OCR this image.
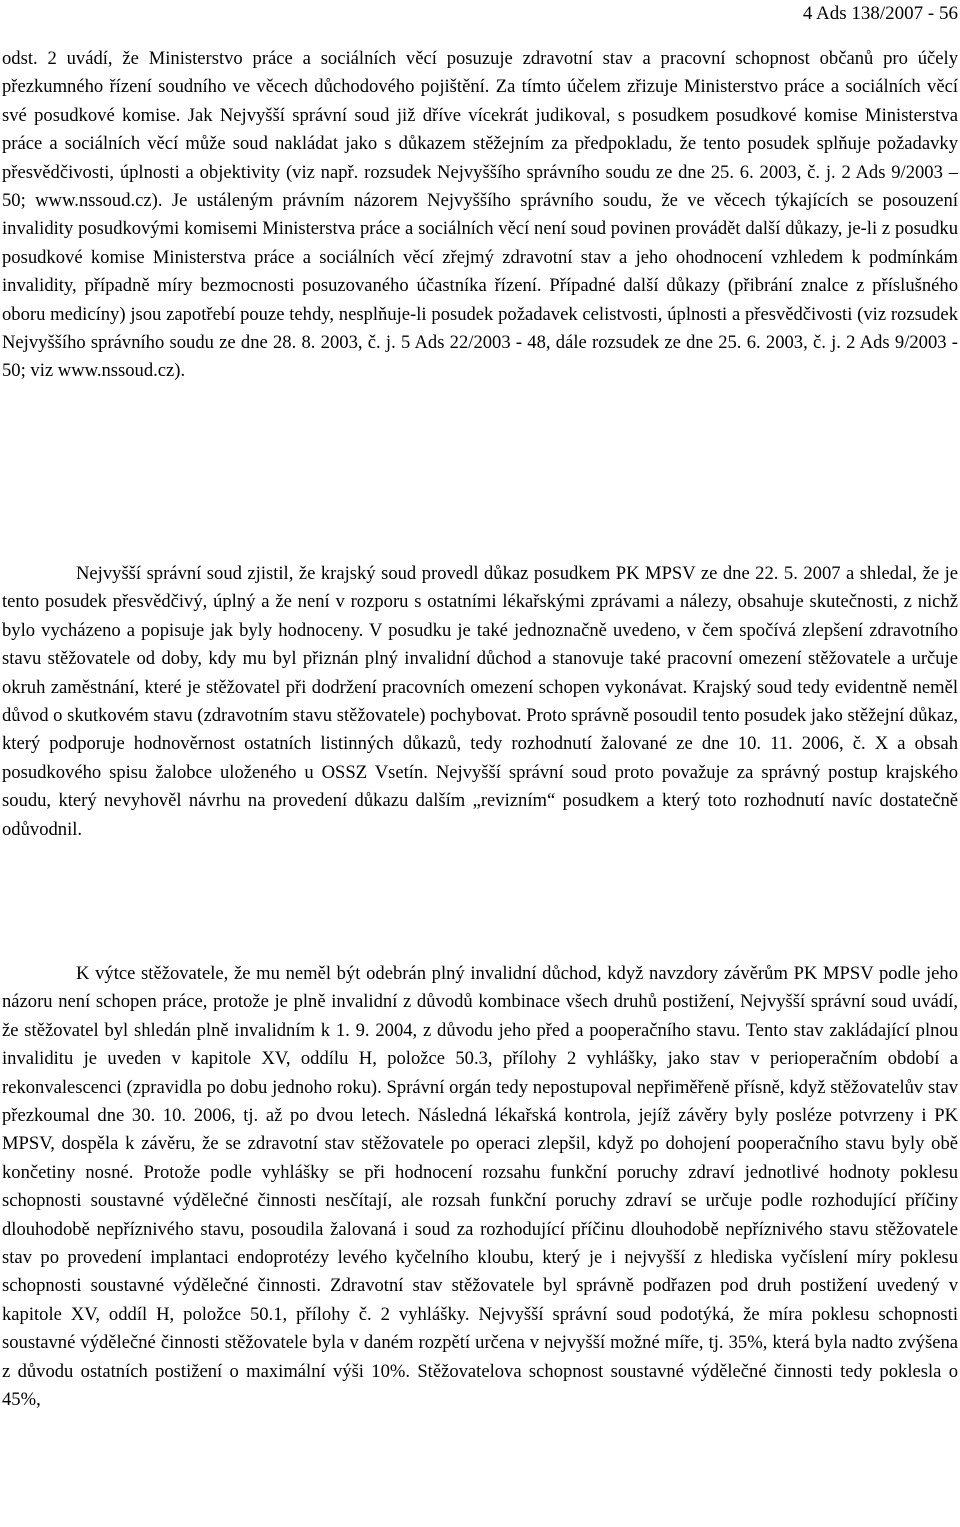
4 Ads 138/2007 - 56

odst. 2 uvádí, že Ministerstvo práce a sociálních věcí posuzuje zdravotní stav a pracovní schopnost občanů pro účely přezkumného řízení soudního ve věcech důchodového pojištění. Za tímto účelem zřizuje Ministerstvo práce a sociálních věcí své posudkové komise. Jak Nejvyšší správní soud již dříve vícekrát judikoval, s posudkem posudkové komise Ministerstva práce a sociálních věcí může soud nakládat jako s důkazem stěžejním za předpokladu, že tento posudek splňuje požadavky přesvědčivosti, úplnosti a objektivity (viz např. rozsudek Nejvyššího správního soudu ze dne 25. 6. 2003, č. j. 2 Ads 9/2003 – 50; www.nssoud.cz). Je ustáleným právním názorem Nejvyššího správního soudu, že ve věcech týkajících se posouzení invalidity posudkovými komisemi Ministerstva práce a sociálních věcí není soud povinen provádět další důkazy, je-li z posudku posudkové komise Ministerstva práce a sociálních věcí zřejmý zdravotní stav a jeho ohodnocení vzhledem k podmínkám invalidity, případně míry bezmocnosti posuzovaného účastníka řízení. Případné další důkazy (přibrání znalce z příslušného oboru medicíny) jsou zapotřebí pouze tehdy, nesplňuje-li posudek požadavek celistvosti, úplnosti a přesvědčivosti (viz rozsudek Nejvyššího správního soudu ze dne 28. 8. 2003, č. j. 5 Ads 22/2003 - 48, dále rozsudek ze dne 25. 6. 2003, č. j. 2 Ads 9/2003 - 50; viz www.nssoud.cz).

Nejvyšší správní soud zjistil, že krajský soud provedl důkaz posudkem PK MPSV ze dne 22. 5. 2007 a shledal, že je tento posudek přesvědčivý, úplný a že není v rozporu s ostatními lékařskými zprávami a nálezy, obsahuje skutečnosti, z nichž bylo vycházeno a popisuje jak byly hodnoceny. V posudku je také jednoznačně uvedeno, v čem spočívá zlepšení zdravotního stavu stěžovatele od doby, kdy mu byl přiznán plný invalidní důchod a stanovuje také pracovní omezení stěžovatele a určuje okruh zaměstnání, které je stěžovatel při dodržení pracovních omezení schopen vykonávat. Krajský soud tedy evidentně neměl důvod o skutkovém stavu (zdravotním stavu stěžovatele) pochybovat. Proto správně posoudil tento posudek jako stěžejní důkaz, který podporuje hodnověrnost ostatních listinných důkazů, tedy rozhodnutí žalované ze dne 10. 11. 2006, č. X a obsah posudkového spisu žalobce uloženého u OSSZ Vsetín. Nejvyšší správní soud proto považuje za správný postup krajského soudu, který nevyhověl návrhu na provedení důkazu dalším „revizním“ posudkem a který toto rozhodnutí navíc dostatečně odůvodnil.

K výtce stěžovatele, že mu neměl být odebrán plný invalidní důchod, když navzdory závěrům PK MPSV podle jeho názoru není schopen práce, protože je plně invalidní z důvodů kombinace všech druhů postižení, Nejvyšší správní soud uvádí, že stěžovatel byl shledán plně invalidním k 1. 9. 2004, z důvodu jeho před a pooperačního stavu. Tento stav zakládající plnou invaliditu je uveden v kapitole XV, oddílu H, položce 50.3, přílohy 2 vyhlášky, jako stav v perioperačním období a rekonvalescenci (zpravidla po dobu jednoho roku). Správní orgán tedy nepostupoval nepřiměřeně přísně, když stěžovatelův stav přezkoumal dne 30. 10. 2006, tj. až po dvou letech. Následná lékařská kontrola, jejíž závěry byly posléze potvrzeny i PK MPSV, dospěla k závěru, že se zdravotní stav stěžovatele po operaci zlepšil, když po dohojení pooperačního stavu byly obě končetiny nosné. Protože podle vyhlášky se při hodnocení rozsahu funkční poruchy zdraví jednotlivé hodnoty poklesu schopnosti soustavné výdělečné činnosti nesčítají, ale rozsah funkční poruchy zdraví se určuje podle rozhodující příčiny dlouhodobě nepříznivého stavu, posoudila žalovaná i soud za rozhodující příčinu dlouhodobě nepříznivého stavu stěžovatele stav po provedení implantaci endoprotézy levého kyčelního kloubu, který je i nejvyšší z hlediska vyčíslení míry poklesu schopnosti soustavné výdělečné činnosti. Zdravotní stav stěžovatele byl správně podřazen pod druh postižení uvedený v kapitole XV, oddíl H, položce 50.1, přílohy č. 2 vyhlášky. Nejvyšší správní soud podotýká, že míra poklesu schopnosti soustavné výdělečné činnosti stěžovatele byla v daném rozpětí určena v nejvyšší možné míře, tj. 35%, která byla nadto zvýšena z důvodu ostatních postižení o maximální výši 10%. Stěžovatelova schopnost soustavné výdělečné činnosti tedy poklesla o 45%,
